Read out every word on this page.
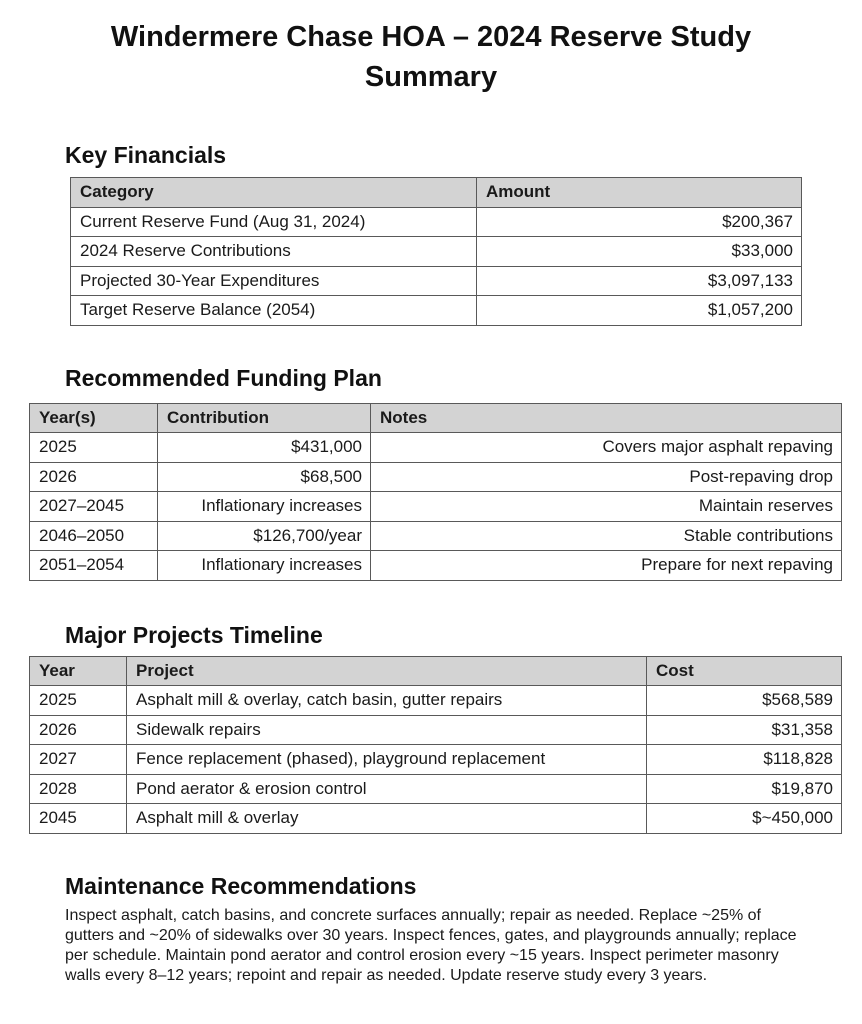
Windermere Chase HOA – 2024 Reserve Study
Summary
Key Financials
Category	Amount
Current Reserve Fund (Aug 31, 2024)	$200,367
2024 Reserve Contributions	$33,000
Projected 30-Year Expenditures	$3,097,133
Target Reserve Balance (2054)	$1,057,200
Recommended Funding Plan
Year(s)	Contribution	Notes
2025	$431,000	Covers major asphalt repaving
2026	$68,500	Post-repaving drop
2027–2045	Inflationary increases	Maintain reserves
2046–2050	$126,700/year	Stable contributions
2051–2054	Inflationary increases	Prepare for next repaving
Major Projects Timeline
Year	Project	Cost
2025	Asphalt mill & overlay, catch basin, gutter repairs	$568,589
2026	Sidewalk repairs	$31,358
2027	Fence replacement (phased), playground replacement	$118,828
2028	Pond aerator & erosion control	$19,870
2045	Asphalt mill & overlay	$~450,000
Maintenance Recommendations
Inspect asphalt, catch basins, and concrete surfaces annually; repair as needed. Replace ~25% of gutters and ~20% of sidewalks over 30 years. Inspect fences, gates, and playgrounds annually; replace per schedule. Maintain pond aerator and control erosion every ~15 years. Inspect perimeter masonry walls every 8–12 years; repoint and repair as needed. Update reserve study every 3 years.
